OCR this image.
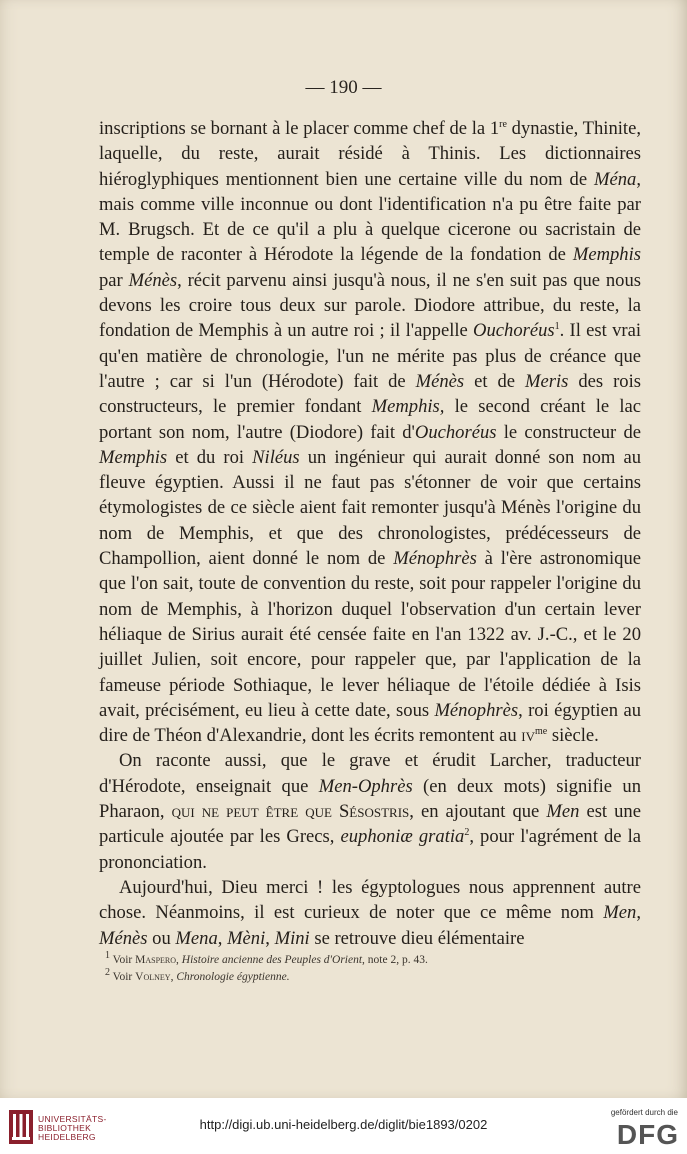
— 190 —

inscriptions se bornant à le placer comme chef de la 1re dynastie, Thinite, laquelle, du reste, aurait résidé à Thinis. Les dictionnaires hiéroglyphiques mentionnent bien une certaine ville du nom de Ména, mais comme ville inconnue ou dont l'identification n'a pu être faite par M. Brugsch. Et de ce qu'il a plu à quelque cicerone ou sacristain de temple de raconter à Hérodote la légende de la fondation de Memphis par Ménès, récit parvenu ainsi jusqu'à nous, il ne s'en suit pas que nous devons les croire tous deux sur parole. Diodore attribue, du reste, la fondation de Memphis à un autre roi ; il l'appelle Ouchoréus$^1$. Il est vrai qu'en matière de chronologie, l'un ne mérite pas plus de créance que l'autre ; car si l'un (Hérodote) fait de Ménès et de Meris des rois constructeurs, le premier fondant Memphis, le second créant le lac portant son nom, l'autre (Diodore) fait d'Ouchoréus le constructeur de Memphis et du roi Niléus un ingénieur qui aurait donné son nom au fleuve égyptien. Aussi il ne faut pas s'étonner de voir que certains étymologistes de ce siècle aient fait remonter jusqu'à Ménès l'origine du nom de Memphis, et que des chronologistes, prédécesseurs de Champollion, aient donné le nom de Ménophrès à l'ère astronomique que l'on sait, toute de convention du reste, soit pour rappeler l'origine du nom de Memphis, à l'horizon duquel l'observation d'un certain lever héliaque de Sirius aurait été censée faite en l'an 1322 av. J.-C., et le 20 juillet Julien, soit encore, pour rappeler que, par l'application de la fameuse période Sothiaque, le lever héliaque de l'étoile dédiée à Isis avait, précisément, eu lieu à cette date, sous Ménophrès, roi égyptien au dire de Théon d'Alexandrie, dont les écrits remontent au $iv^{me}$ siècle.

On raconte aussi, que le grave et érudit Larcher, traducteur d'Hérodote, enseignait que Men-Ophrès (en deux mots) signifie un Pharaon, qui ne peut être que Sésostris, en ajoutant que Men est une particule ajoutée par les Grecs, euphoniæ gratia$^2$, pour l'agrément de la prononciation.

Aujourd'hui, Dieu merci ! les égyptologues nous apprennent autre chose. Néanmoins, il est curieux de noter que ce même nom Men, Ménès ou Mena, Mèni, Mini se retrouve dieu élémentaire

$^1$ Voir Maspero, Histoire ancienne des Peuples d'Orient, note 2, p. 43.
$^2$ Voir Volney, Chronologie égyptienne.
UNIVERSITÄTS-
BIBLIOTHEK
HEIDELBERG
http://digi.ub.uni-heidelberg.de/diglit/bie1893/0202
gefördert durch die
DFG
